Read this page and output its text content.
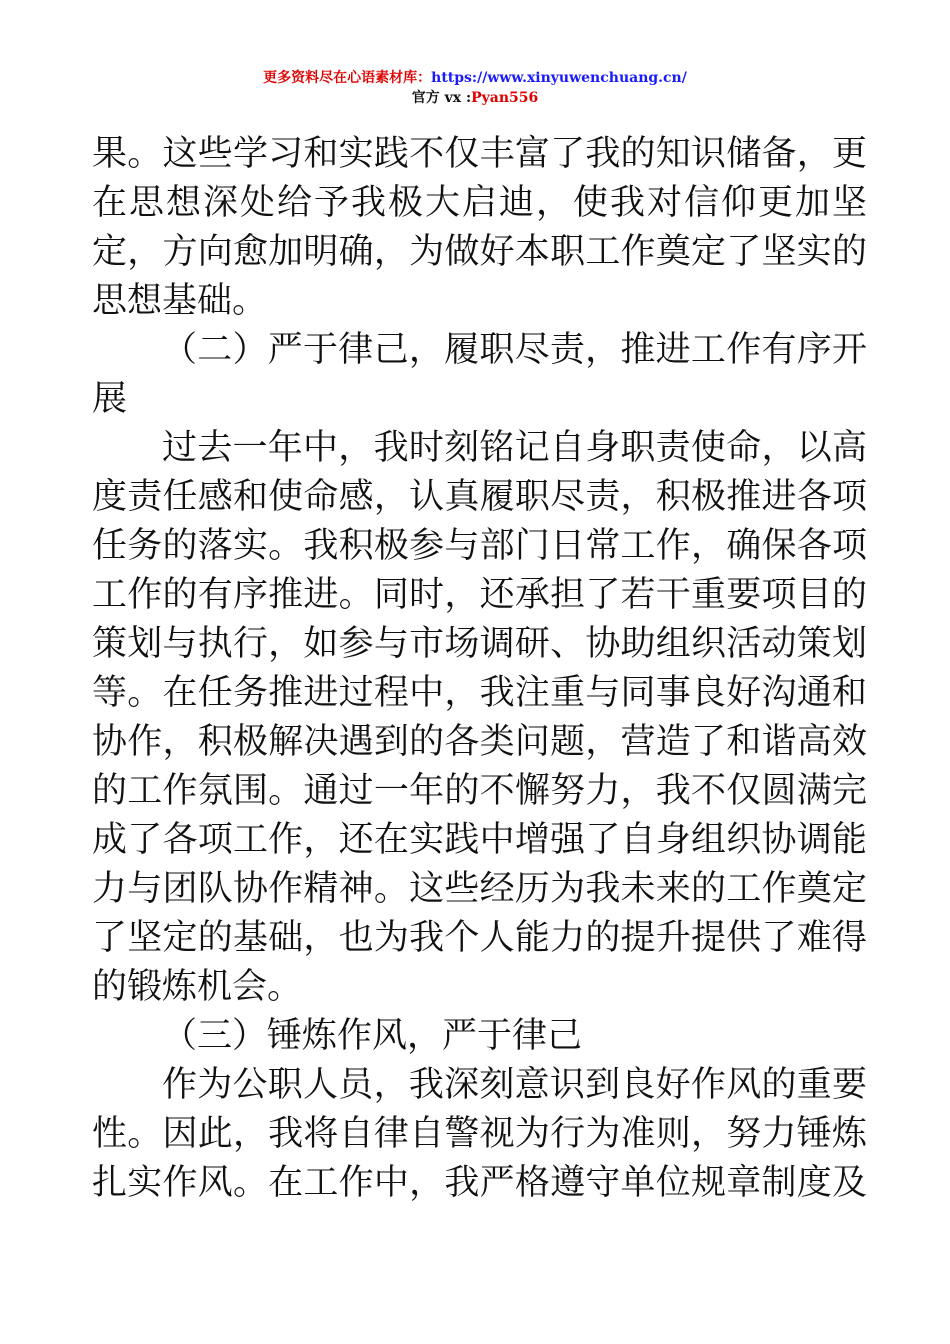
更多资料尽在心语素材库：https://www.xinyuwenchuang.cn/
官方 vx :Pyan556
果。这些学习和实践不仅丰富了我的知识储备，更
在思想深处给予我极大启迪，使我对信仰更加坚
定，方向愈加明确，为做好本职工作奠定了坚实的
思想基础。
（二）严于律己，履职尽责，推进工作有序开
展
过去一年中，我时刻铭记自身职责使命，以高
度责任感和使命感，认真履职尽责，积极推进各项
任务的落实。我积极参与部门日常工作，确保各项
工作的有序推进。同时，还承担了若干重要项目的
策划与执行，如参与市场调研、协助组织活动策划
等。在任务推进过程中，我注重与同事良好沟通和
协作，积极解决遇到的各类问题，营造了和谐高效
的工作氛围。通过一年的不懈努力，我不仅圆满完
成了各项工作，还在实践中增强了自身组织协调能
力与团队协作精神。这些经历为我未来的工作奠定
了坚定的基础，也为我个人能力的提升提供了难得
的锻炼机会。
（三）锤炼作风，严于律己
作为公职人员，我深刻意识到良好作风的重要
性。因此，我将自律自警视为行为准则，努力锤炼
扎实作风。在工作中，我严格遵守单位规章制度及
